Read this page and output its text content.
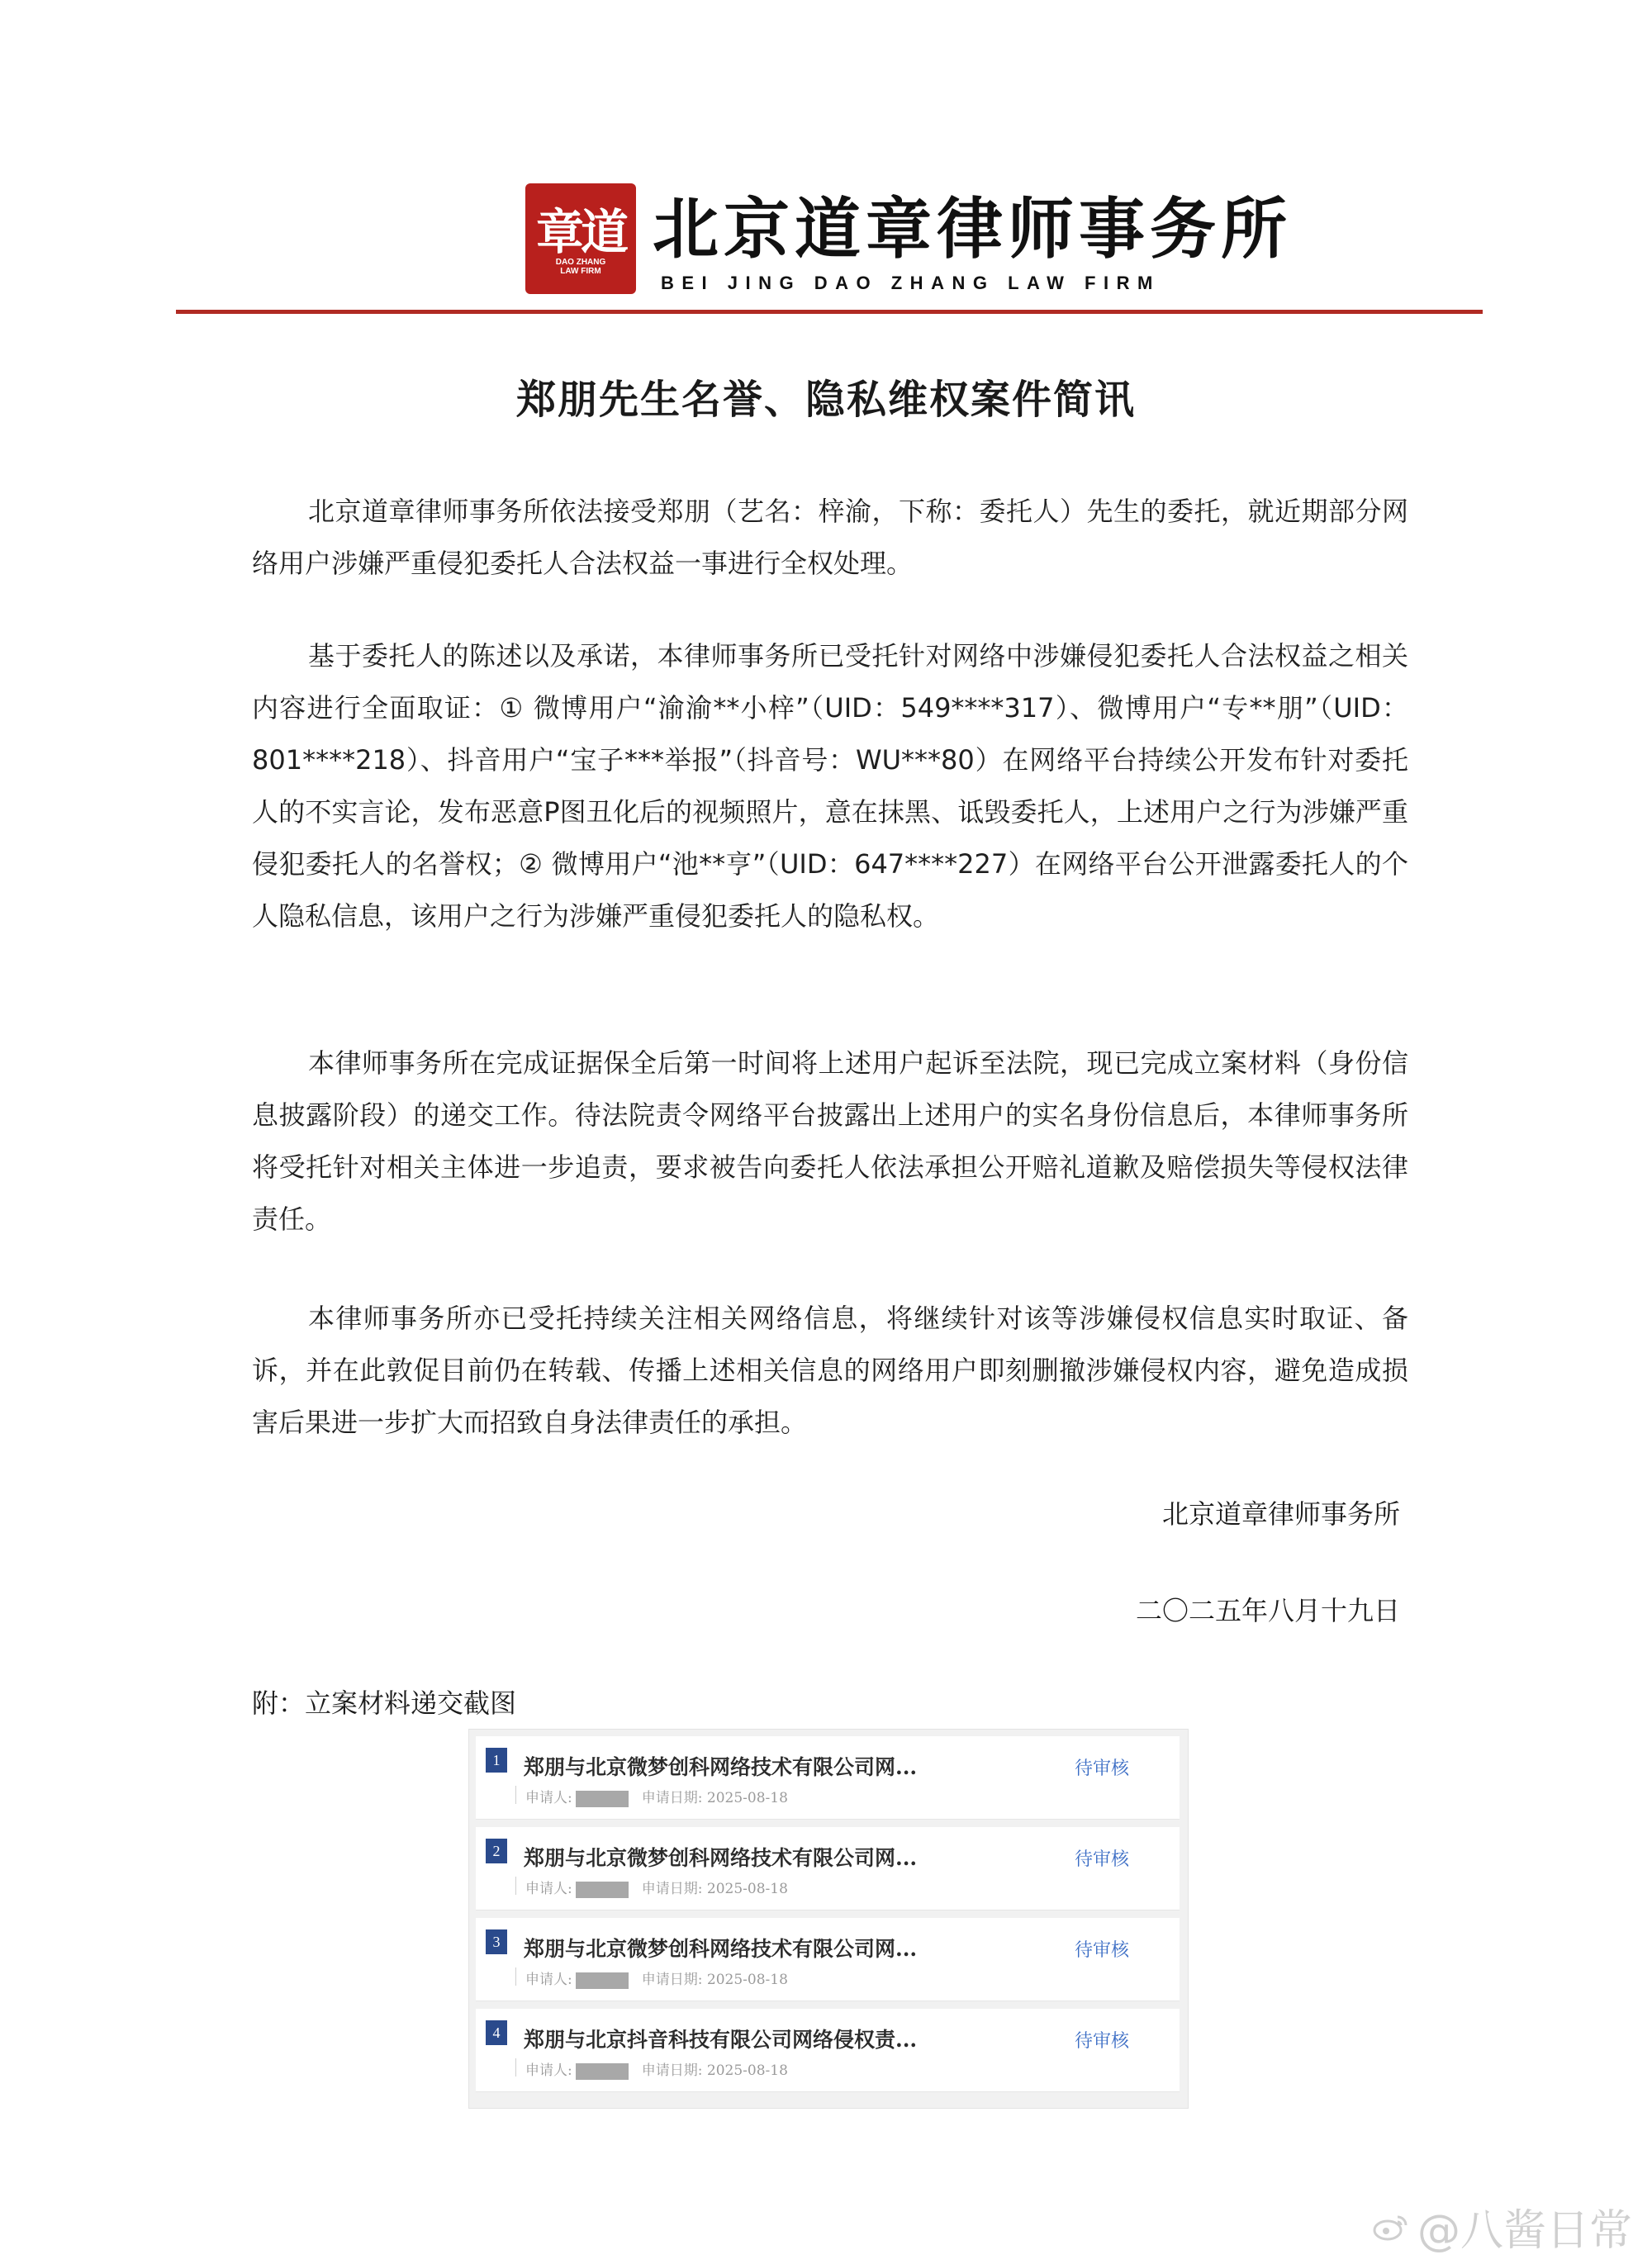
章道
DAO ZHANG
LAW FIRM
北京道章律师事务所
BEI JING DAO ZHANG LAW FIRM
郑朋先生名誉、隐私维权案件简讯
北京道章律师事务所依法接受郑朋（艺名：梓渝，下称：委托人）先生的委托，就近期部分网络用户涉嫌严重侵犯委托人合法权益一事进行全权处理。
基于委托人的陈述以及承诺，本律师事务所已受托针对网络中涉嫌侵犯委托人合法权益之相关内容进行全面取证：① 微博用户“渝渝**小梓”（UID：549****317）、微博用户“专**朋”（UID：801****218）、抖音用户“宝子***举报”（抖音号：WU***80）在网络平台持续公开发布针对委托人的不实言论，发布恶意P图丑化后的视频照片，意在抹黑、诋毁委托人，上述用户之行为涉嫌严重侵犯委托人的名誉权；② 微博用户“池**亨”（UID：647****227）在网络平台公开泄露委托人的个人隐私信息，该用户之行为涉嫌严重侵犯委托人的隐私权。
本律师事务所在完成证据保全后第一时间将上述用户起诉至法院，现已完成立案材料（身份信息披露阶段）的递交工作。待法院责令网络平台披露出上述用户的实名身份信息后，本律师事务所将受托针对相关主体进一步追责，要求被告向委托人依法承担公开赔礼道歉及赔偿损失等侵权法律责任。
本律师事务所亦已受托持续关注相关网络信息，将继续针对该等涉嫌侵权信息实时取证、备诉，并在此敦促目前仍在转载、传播上述相关信息的网络用户即刻删撤涉嫌侵权内容，避免造成损害后果进一步扩大而招致自身法律责任的承担。
北京道章律师事务所
二〇二五年八月十九日
附：立案材料递交截图
1	郑朋与北京微梦创科网络技术有限公司网...	待审核
申请人:	申请日期: 2025-08-18
2	郑朋与北京微梦创科网络技术有限公司网...	待审核
申请人:	申请日期: 2025-08-18
3	郑朋与北京微梦创科网络技术有限公司网...	待审核
申请人:	申请日期: 2025-08-18
4	郑朋与北京抖音科技有限公司网络侵权责...	待审核
申请人:	申请日期: 2025-08-18
@八酱日常
